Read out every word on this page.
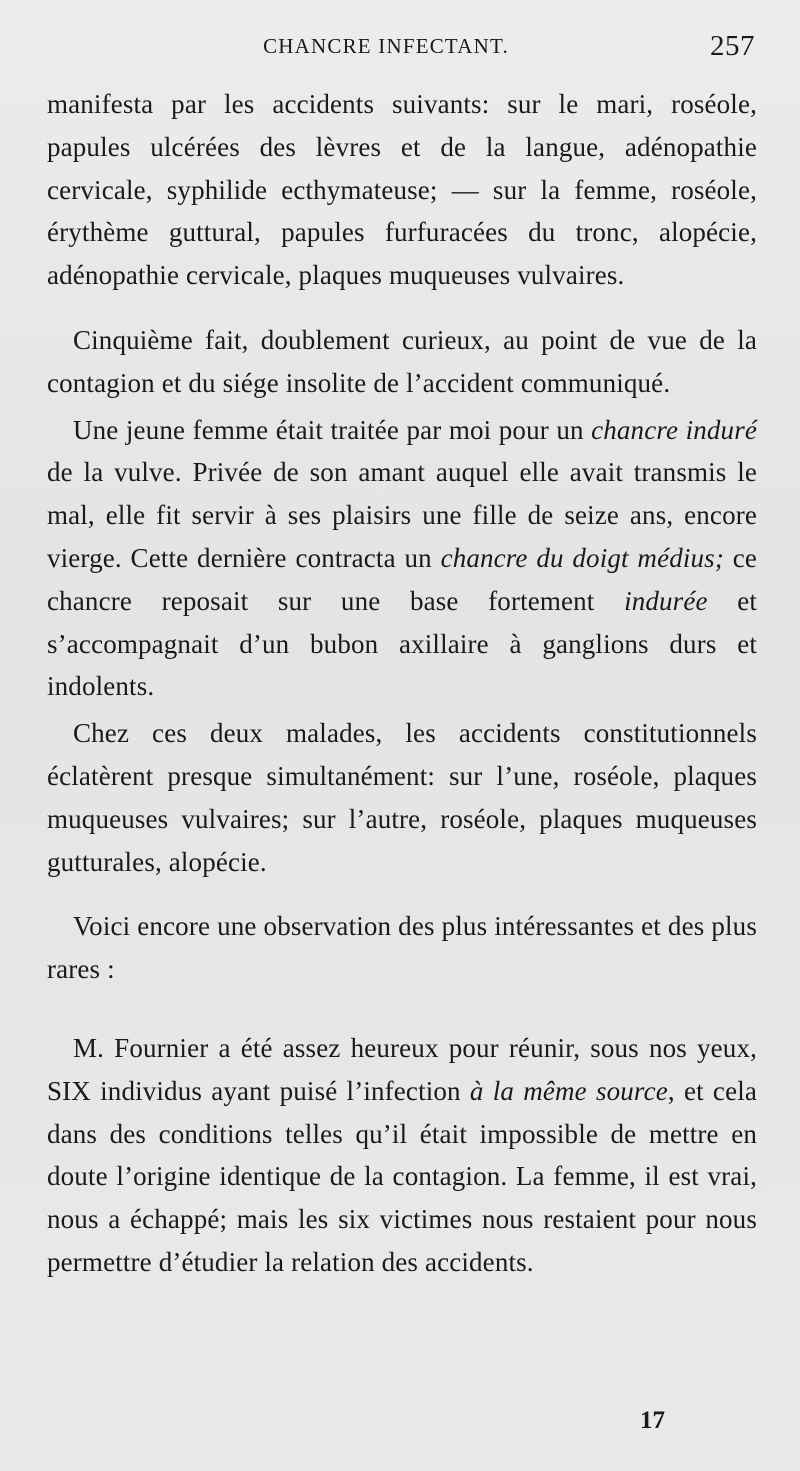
CHANCRE INFECTANT.	257

manifesta par les accidents suivants: sur le mari, roséole, papules ulcérées des lèvres et de la langue, adénopathie cervicale, syphilide ecthymateuse; — sur la femme, roséole, érythème guttural, papules furfuracées du tronc, alopécie, adénopathie cervicale, plaques muqueuses vulvaires.

Cinquième fait, doublement curieux, au point de vue de la contagion et du siége insolite de l’accident communiqué.

Une jeune femme était traitée par moi pour un chancre induré de la vulve. Privée de son amant auquel elle avait transmis le mal, elle fit servir à ses plaisirs une fille de seize ans, encore vierge. Cette dernière contracta un chancre du doigt médius; ce chancre reposait sur une base fortement indurée et s’accompagnait d’un bubon axillaire à ganglions durs et indolents.

Chez ces deux malades, les accidents constitutionnels éclatèrent presque simultanément: sur l’une, roséole, plaques muqueuses vulvaires; sur l’autre, roséole, plaques muqueuses gutturales, alopécie.

Voici encore une observation des plus intéressantes et des plus rares :

M. Fournier a été assez heureux pour réunir, sous nos yeux, SIX individus ayant puisé l’infection à la même source, et cela dans des conditions telles qu’il était impossible de mettre en doute l’origine identique de la contagion. La femme, il est vrai, nous a échappé; mais les six victimes nous restaient pour nous permettre d’étudier la relation des accidents.

17
